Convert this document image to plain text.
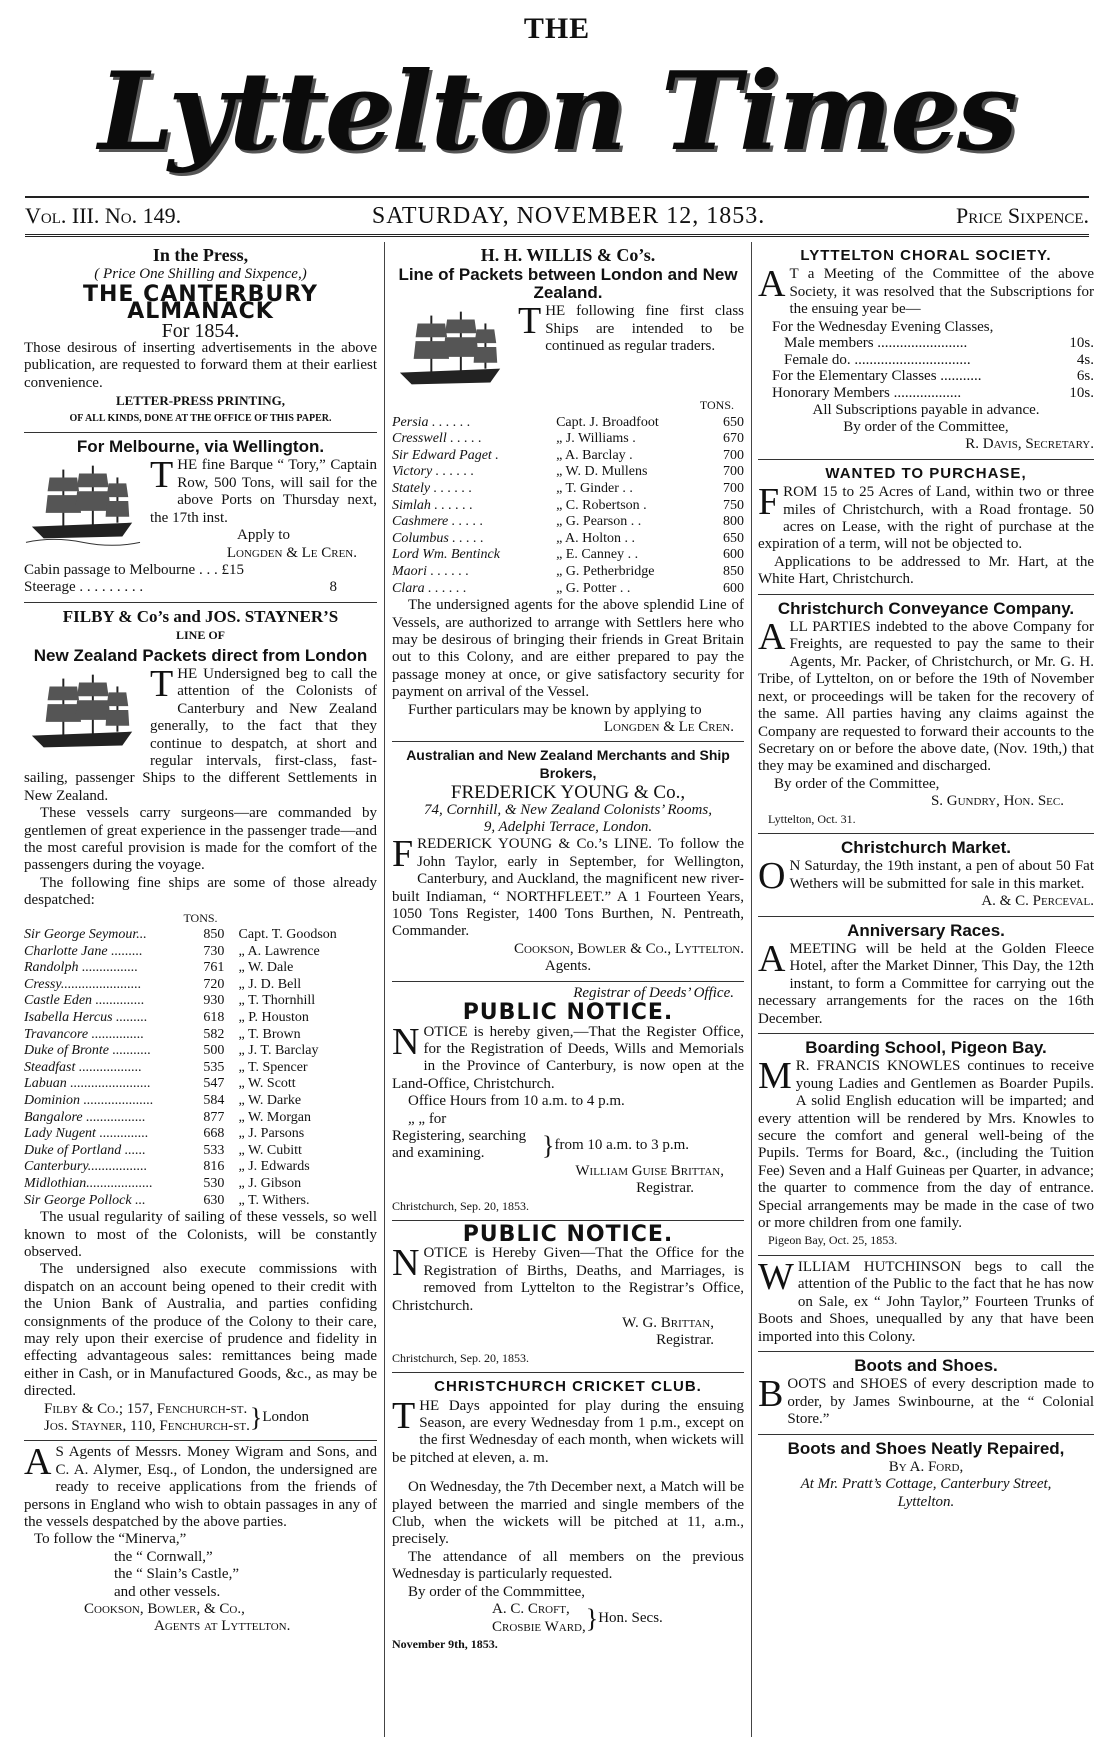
THE
Lyttelton Times
Vol. III. No. 149.	SATURDAY, NOVEMBER 12, 1853.	Price Sixpence.
In the Press,
( Price One Shilling and Sixpence,)
THE CANTERBURY ALMANACK
For 1854.

Those desirous of inserting advertisements in the above publication, are requested to forward them at their earliest convenience.

LETTER-PRESS PRINTING,
OF ALL KINDS, DONE AT THE OFFICE OF THIS PAPER.
For Melbourne, via Wellington.

THE fine Barque “ Tory,” Captain Row, 500 Tons, will sail for the above Ports on Thursday next, the 17th inst.

Apply to
Longden & Le Cren.
Cabin passage to Melbourne . . . £15
Steerage . . . . . . . . .	8
FILBY & Co’s and JOS. STAYNER’S
LINE OF
New Zealand Packets direct from London

THE Undersigned beg to call the attention of the Colonists of Canterbury and New Zealand generally, to the fact that they continue to despatch, at short and regular intervals, first-class, fast-sailing, passenger Ships to the different Settlements in New Zealand.

These vessels carry surgeons—are commanded by gentlemen of great experience in the passenger trade—and the most careful provision is made for the comfort of the passengers during the voyage.

The following fine ships are some of those already despatched:

TONS.
Sir George Seymour...	850	Capt. T. Goodson
Charlotte Jane .........	730	„ A. Lawrence
Randolph ................	761	„ W. Dale
Cressy.......................	720	„ J. D. Bell
Castle Eden ..............	930	„ T. Thornhill
Isabella Hercus .........	618	„ P. Houston
Travancore ...............	582	„ T. Brown
Duke of Bronte ...........	500	„ J. T. Barclay
Steadfast ..................	535	„ T. Spencer
Labuan .......................	547	„ W. Scott
Dominion ....................	584	„ W. Darke
Bangalore .................	877	„ W. Morgan
Lady Nugent ..............	668	„ J. Parsons
Duke of Portland ......	533	„ W. Cubitt
Canterbury.................	816	„ J. Edwards
Midlothian...................	530	„ J. Gibson
Sir George Pollock ...	630	„ T. Withers.

The usual regularity of sailing of these vessels, so well known to most of the Colonists, will be constantly observed.

The undersigned also execute commissions with dispatch on an account being opened to their credit with the Union Bank of Australia, and parties confiding consignments of the produce of the Colony to their care, may rely upon their exercise of prudence and fidelity in effecting advantageous sales: remittances being made either in Cash, or in Manufactured Goods, &c., as may be directed.

Filby & Co.; 157, Fenchurch-st.
Jos. Stayner, 110, Fenchurch-st. } London

A S Agents of Messrs. Money Wigram and Sons, and C. A. Alymer, Esq., of London, the undersigned are ready to receive applications from the friends of persons in England who wish to obtain passages in any of the vessels despatched by the above parties.

To follow the “Minerva,”
the “ Cornwall,”
the “ Slain’s Castle,”
and other vessels.
Cookson, Bowler, & Co.,
Agents at Lyttelton.
H. H. WILLIS & Co’s.
Line of Packets between London and New Zealand.

THE following fine first class Ships are intended to be continued as regular traders.

TONS.
Persia . . . . . .	Capt. J. Broadfoot	650
Cresswell . . . . .	„ J. Williams .	670
Sir Edward Paget .	„ A. Barclay .	700
Victory . . . . . .	„ W. D. Mullens	700
Stately . . . . . .	„ T. Ginder . .	700
Simlah . . . . . .	„ C. Robertson .	750
Cashmere . . . . .	„ G. Pearson . .	800
Columbus . . . . .	„ A. Holton . .	650
Lord Wm. Bentinck	„ E. Canney . .	600
Maori . . . . . .	„ G. Petherbridge	850
Clara . . . . . .	„ G. Potter . .	600

The undersigned agents for the above splendid Line of Vessels, are authorized to arrange with Settlers here who may be desirous of bringing their friends in Great Britain out to this Colony, and are either prepared to pay the passage money at once, or give satisfactory security for payment on arrival of the Vessel.

Further particulars may be known by applying to

Longden & Le Cren.
Australian and New Zealand Merchants and Ship Brokers,
FREDERICK YOUNG & Co.,
74, Cornhill, & New Zealand Colonists’ Rooms,
9, Adelphi Terrace, London.

FREDERICK YOUNG & Co.’s LINE. To follow the John Taylor, early in September, for Wellington, Canterbury, and Auckland, the magnificent new river-built Indiaman, “ NORTHFLEET.” A 1 Fourteen Years, 1050 Tons Register, 1400 Tons Burthen, N. Pentreath, Commander.

Cookson, Bowler & Co., Lyttelton.
Agents.
Registrar of Deeds’ Office.
PUBLIC NOTICE.

NOTICE is hereby given,—That the Register Office, for the Registration of Deeds, Wills and Memorials in the Province of Canterbury, is now open at the Land-Office, Christchurch.

Office Hours from 10 a.m. to 4 p.m.
„ „ for
Registering, searching and examining.	} from 10 a.m. to 3 p.m.
William Guise Brittan,
Registrar.
Christchurch, Sep. 20, 1853.
PUBLIC NOTICE.

NOTICE is Hereby Given—That the Office for the Registration of Births, Deaths, and Marriages, is removed from Lyttelton to the Registrar’s Office, Christchurch.

W. G. Brittan,
Registrar.
Christchurch, Sep. 20, 1853.
CHRISTCHURCH CRICKET CLUB.

THE Days appointed for play during the ensuing Season, are every Wednesday from 1 p.m., except on the first Wednesday of each month, when wickets will be pitched at eleven, a. m.

On Wednesday, the 7th December next, a Match will be played between the married and single members of the Club, when the wickets will be pitched at 11, a.m., precisely.

The attendance of all members on the previous Wednesday is particularly requested.

By order of the Commmittee,
A. C. Croft,
Crosbie Ward, } Hon. Secs.
November 9th, 1853.
LYTTELTON CHORAL SOCIETY.

A T a Meeting of the Committee of the above Society, it was resolved that the Subscriptions for the ensuing year be—

For the Wednesday Evening Classes,	
Male members ........................	10s.
Female do. ...............................	4s.
For the Elementary Classes ...........	6s.
Honorary Members ..................	10s.
All Subscriptions payable in advance.
By order of the Committee,
R. Davis, Secretary.
WANTED TO PURCHASE,

FROM 15 to 25 Acres of Land, within two or three miles of Christchurch, with a Road frontage. 50 acres on Lease, with the right of purchase at the expiration of a term, will not be objected to.

Applications to be addressed to Mr. Hart, at the White Hart, Christchurch.

Christchurch Conveyance Company.

ALL PARTIES indebted to the above Company for Freights, are requested to pay the same to their Agents, Mr. Packer, of Christchurch, or Mr. G. H. Tribe, of Lyttelton, on or before the 19th of November next, or proceedings will be taken for the recovery of the same. All parties having any claims against the Company are requested to forward their accounts to the Secretary on or before the above date, (Nov. 19th,) that they may be examined and discharged.

By order of the Committee,
S. Gundry, Hon. Sec.
Lyttelton, Oct. 31.
Christchurch Market.

O N Saturday, the 19th instant, a pen of about 50 Fat Wethers will be submitted for sale in this market.

A. & C. Perceval.
Anniversary Races.

AMEETING will be held at the Golden Fleece Hotel, after the Market Dinner, This Day, the 12th instant, to form a Committee for carrying out the necessary arrangements for the races on the 16th December.

Boarding School, Pigeon Bay.

M R. FRANCIS KNOWLES continues to receive young Ladies and Gentlemen as Boarder Pupils. A solid English education will be imparted; and every attention will be rendered by Mrs. Knowles to secure the comfort and general well-being of the Pupils. Terms for Board, &c., (including the Tuition Fee) Seven and a Half Guineas per Quarter, in advance; the quarter to commence from the day of entrance. Special arrangements may be made in the case of two or more children from one family.

Pigeon Bay, Oct. 25, 1853.

WILLIAM HUTCHINSON begs to call the attention of the Public to the fact that he has now on Sale, ex “ John Taylor,” Fourteen Trunks of Boots and Shoes, unequalled by any that have been imported into this Colony.

Boots and Shoes.

BOOTS and SHOES of every description made to order, by James Swinbourne, at the “ Colonial Store.”

Boots and Shoes Neatly Repaired,
By A. Ford,
At Mr. Pratt’s Cottage, Canterbury Street,
Lyttelton.
